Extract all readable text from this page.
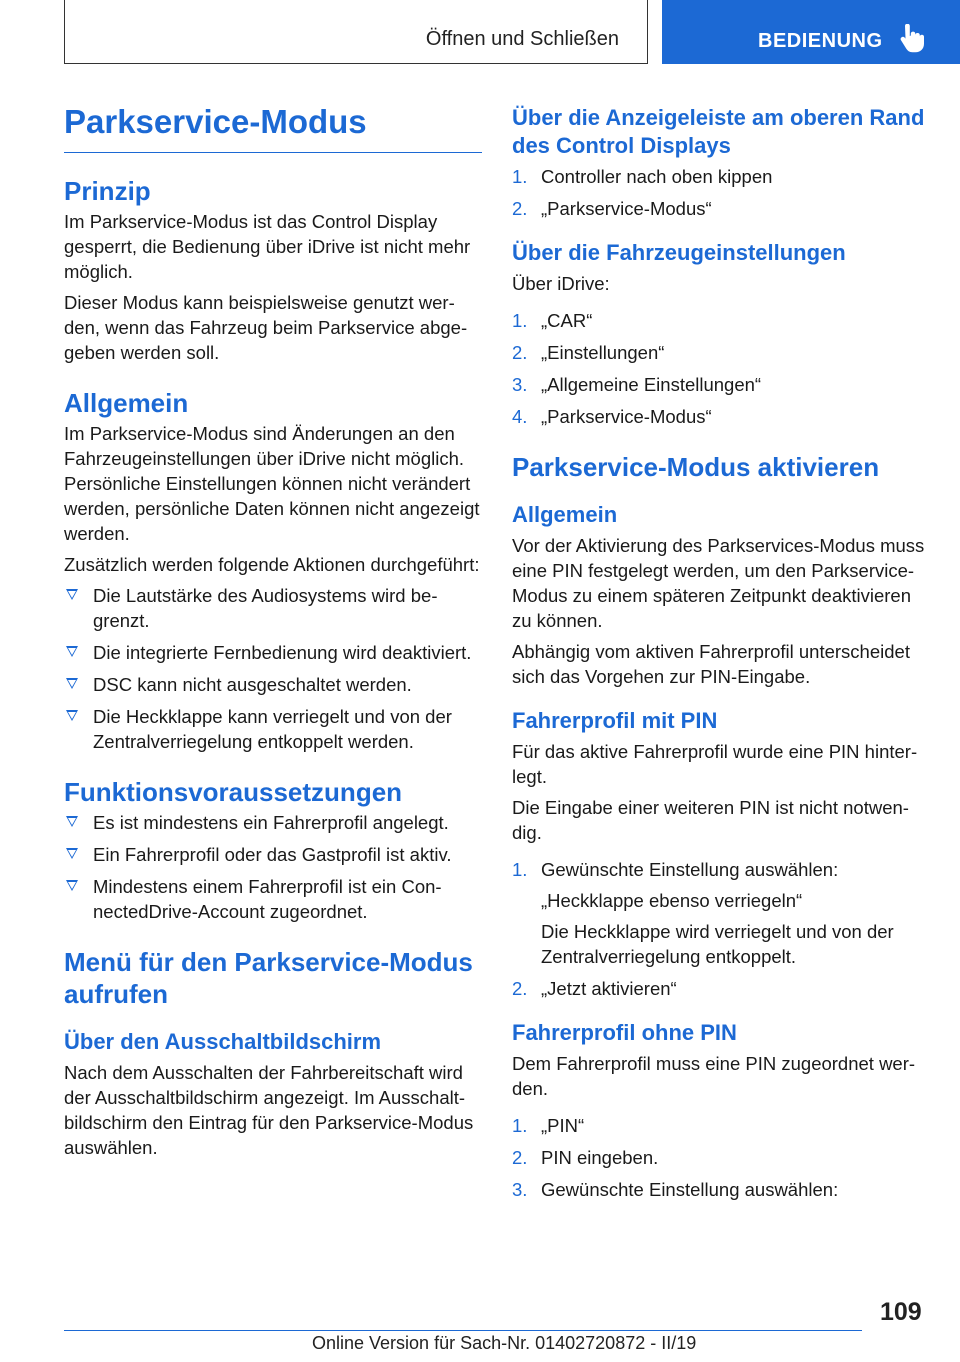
Öffnen und Schließen	BEDIENUNG
Parkservice-Modus
Prinzip

Im Parkservice-Modus ist das Control Display gesperrt, die Bedienung über iDrive ist nicht mehr möglich.

Dieser Modus kann beispielsweise genutzt werden, wenn das Fahrzeug beim Parkservice abgegeben werden soll.

Allgemein

Im Parkservice-Modus sind Änderungen an den Fahrzeugeinstellungen über iDrive nicht möglich. Persönliche Einstellungen können nicht verändert werden, persönliche Daten können nicht angezeigt werden.

Zusätzlich werden folgende Aktionen durchgeführt:

Die Lautstärke des Audiosystems wird begrenzt.
Die integrierte Fernbedienung wird deaktiviert.
DSC kann nicht ausgeschaltet werden.
Die Heckklappe kann verriegelt und von der Zentralverriegelung entkoppelt werden.
Funktionsvoraussetzungen
Es ist mindestens ein Fahrerprofil angelegt.
Ein Fahrerprofil oder das Gastprofil ist aktiv.
Mindestens einem Fahrerprofil ist ein ConnectedDrive-Account zugeordnet.
Menü für den Parkservice-Modus aufrufen
Über den Ausschaltbildschirm

Nach dem Ausschalten der Fahrbereitschaft wird der Ausschaltbildschirm angezeigt. Im Ausschaltbildschirm den Eintrag für den Parkservice-Modus auswählen.

Über die Anzeigeleiste am oberen Rand des Control Displays
1. Controller nach oben kippen
2. „Parkservice-Modus“
Über die Fahrzeugeinstellungen

Über iDrive:

1. „CAR“
2. „Einstellungen“
3. „Allgemeine Einstellungen“
4. „Parkservice-Modus“
Parkservice-Modus aktivieren
Allgemein

Vor der Aktivierung des Parkservices-Modus muss eine PIN festgelegt werden, um den Parkservice-Modus zu einem späteren Zeitpunkt deaktivieren zu können.

Abhängig vom aktiven Fahrerprofil unterscheidet sich das Vorgehen zur PIN-Eingabe.

Fahrerprofil mit PIN

Für das aktive Fahrerprofil wurde eine PIN hinterlegt.

Die Eingabe einer weiteren PIN ist nicht notwendig.

1. Gewünschte Einstellung auswählen:
„Heckklappe ebenso verriegeln“
Die Heckklappe wird verriegelt und von der Zentralverriegelung entkoppelt.
2. „Jetzt aktivieren“
Fahrerprofil ohne PIN

Dem Fahrerprofil muss eine PIN zugeordnet werden.

1. „PIN“
2. PIN eingeben.
3. Gewünschte Einstellung auswählen:
109
Online Version für Sach-Nr. 01402720872 - II/19
